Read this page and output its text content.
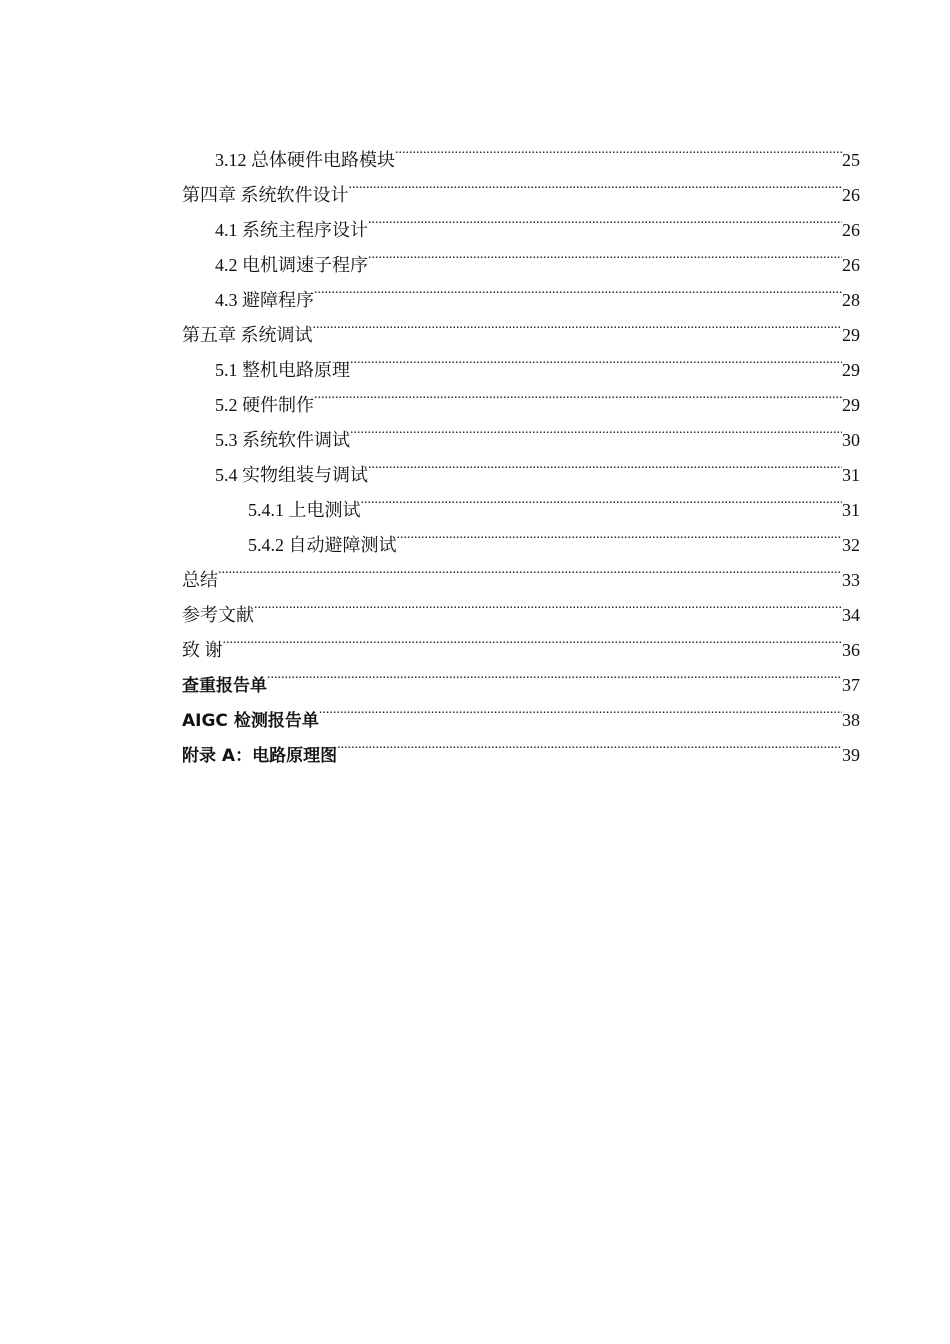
3.12 总体硬件电路模块 .....	25
第四章 系统软件设计 .....	26
4.1 系统主程序设计 .....	26
4.2 电机调速子程序 .....	26
4.3 避障程序 .....	28
第五章 系统调试 .....	29
5.1 整机电路原理 .....	29
5.2 硬件制作 .....	29
5.3 系统软件调试 .....	30
5.4 实物组装与调试 .....	31
5.4.1 上电测试 .....	31
5.4.2 自动避障测试 .....	32
总结 .....	33
参考文献 .....	34
致 谢 .....	36
查重报告单 .....	37
AIGC 检测报告单 .....	38
附录 A：电路原理图 .....	39
